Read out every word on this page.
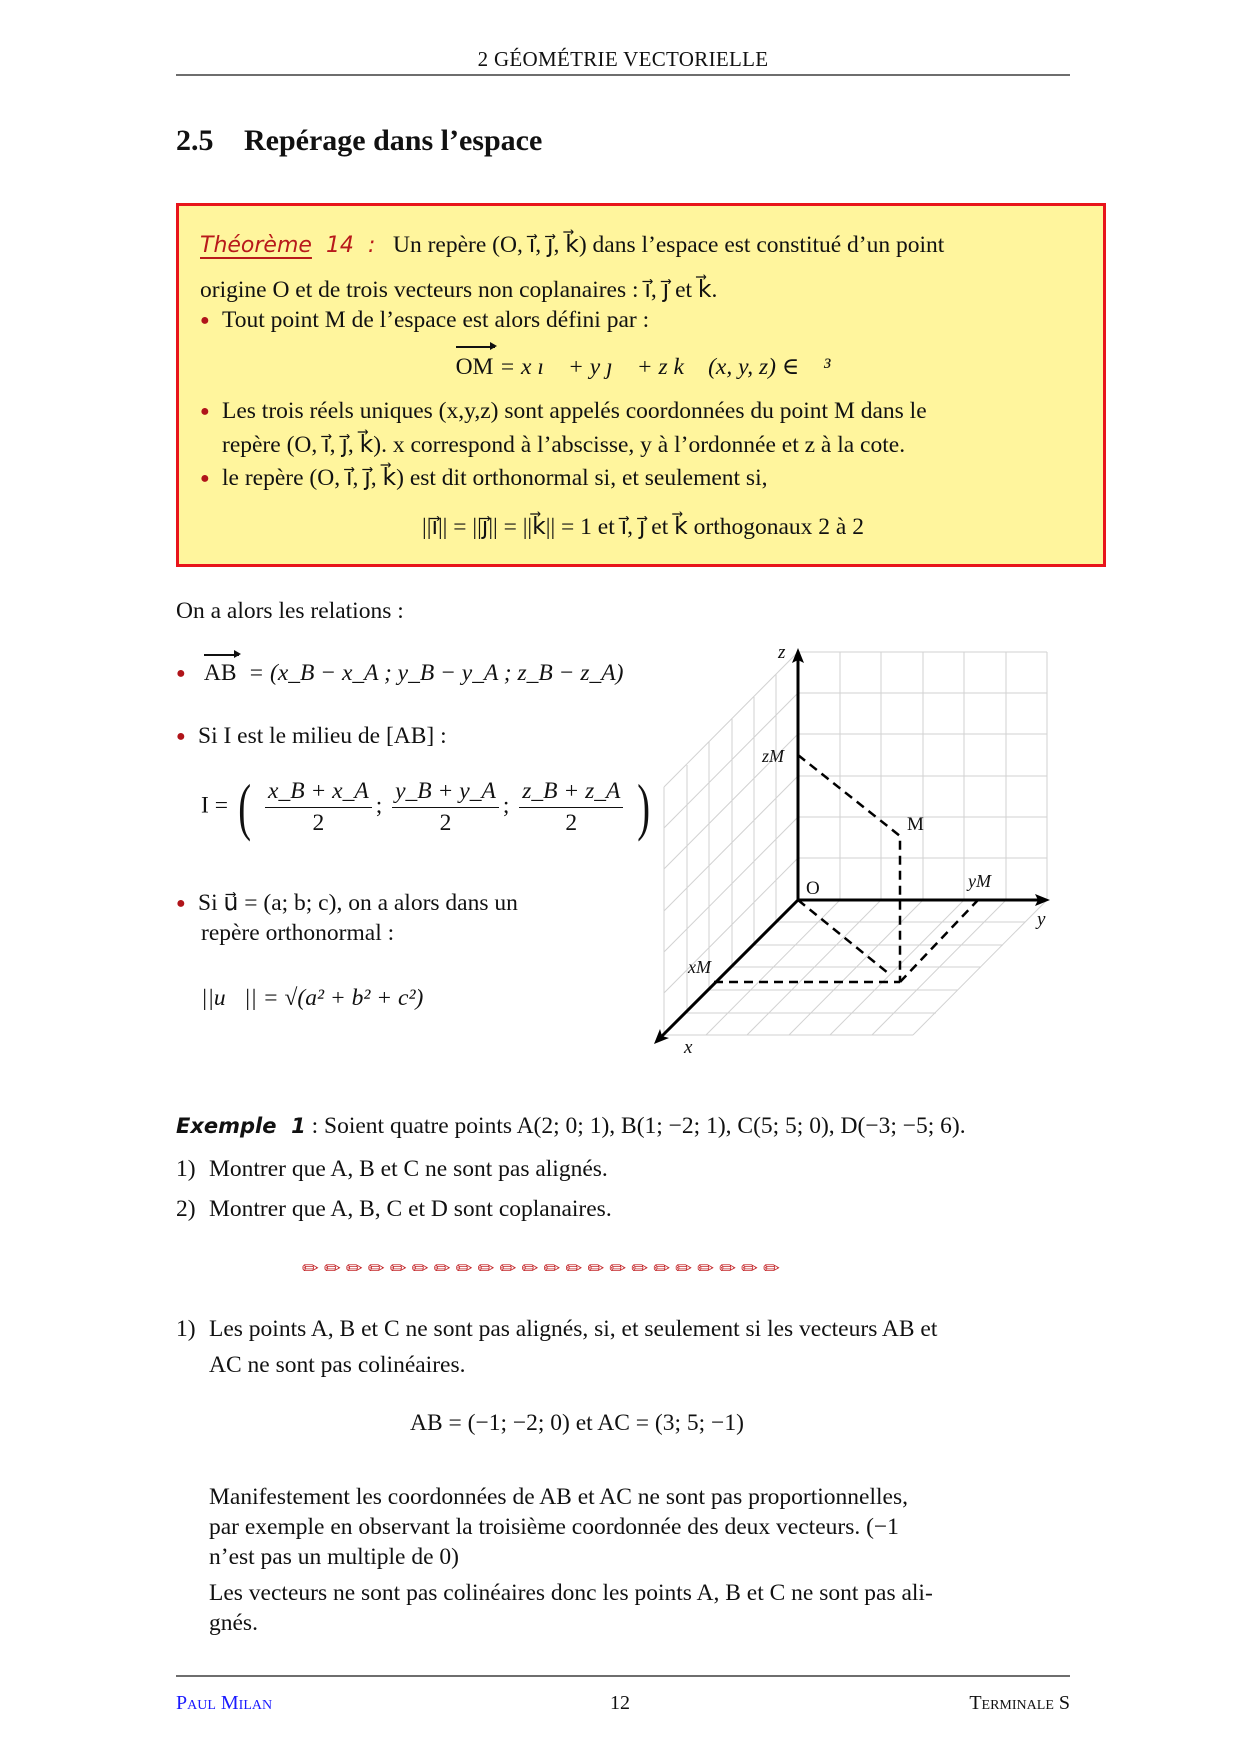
2 GÉOMÉTRIE VECTORIELLE
2.5 Repérage dans l’espace
Théorème 14 : Un repère (O, ı⃗, ȷ⃗, k⃗) dans l’espace est constitué d’un point
origine O et de trois vecteurs non coplanaires : ı⃗, ȷ⃗ et k⃗.
● Tout point M de l’espace est alors défini par :
OM = x ı⃗ + y ȷ⃗ + z k⃗ (x, y, z) ∈ ℝ³
● Les trois réels uniques (x,y,z) sont appelés coordonnées du point M dans le
repère (O, ı⃗, ȷ⃗, k⃗). x correspond à l’abscisse, y à l’ordonnée et z à la cote.
● le repère (O, ı⃗, ȷ⃗, k⃗) est dit orthonormal si, et seulement si,
||ı⃗|| = ||ȷ⃗|| = ||k⃗|| = 1 et ı⃗, ȷ⃗ et k⃗ orthogonaux 2 à 2
On a alors les relations :
● AB = (x_B − x_A ; y_B − y_A ; z_B − z_A)
● Si I est le milieu de [AB] :
I = ( $\frac{x\_B + x\_A}{2}$ ; $\frac{y\_B + y\_A}{2}$ ; $\frac{z\_B + z\_A}{2}$ )
● Si u⃗ = (a; b; c), on a alors dans un
repère orthonormal :
||u⃗|| = √(a² + b² + c²)
z
y
x
O
M
zM
yM
xM
Exemple 1 : Soient quatre points A(2; 0; 1), B(1; −2; 1), C(5; 5; 0), D(−3; −5; 6).
1) Montrer que A, B et C ne sont pas alignés.
2) Montrer que A, B, C et D sont coplanaires.
✏✏✏✏✏✏✏✏✏✏✏✏✏✏✏✏✏✏✏✏✏✏
1) Les points A, B et C ne sont pas alignés, si, et seulement si les vecteurs AB et
AC ne sont pas colinéaires.
AB = (−1; −2; 0) et AC = (3; 5; −1)
Manifestement les coordonnées de AB et AC ne sont pas proportionnelles,
par exemple en observant la troisième coordonnée des deux vecteurs. (−1
n’est pas un multiple de 0)
Les vecteurs ne sont pas colinéaires donc les points A, B et C ne sont pas ali-
gnés.
Paul Milan	12	Terminale S
